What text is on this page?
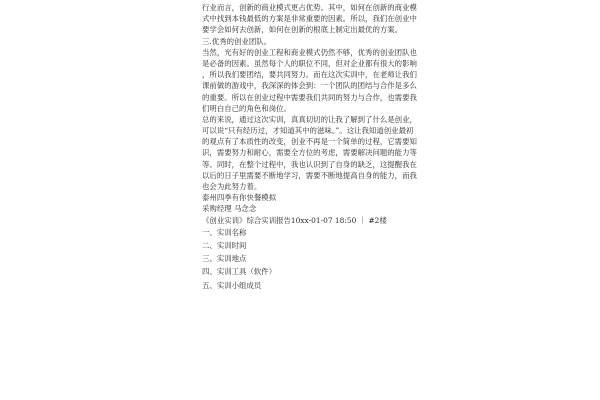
行业而言，创新的商业模式更占优势。其中，如何在创新的商业模
式中找到本钱最低的方案是非常重要的因素。所以，我们在创业中
要学会如何去创新，如何在创新的根底上制定出最优的方案。
三.优秀的创业团队。
当然，光有好的创业工程和商业模式仍然不够，优秀的创业团队也
是必备的因素。虽然每个人的职位不同，但对企业都有很大的影响
，所以我们要团结，要共同努力。而在这次实训中，在老师让我们
课前做的游戏中，我深深的体会到：一个团队的团结与合作是多么
的重要。所以在创业过程中需要我们共同的努力与合作，也需要我
们明白自己的角色和岗位。
总的来说，通过这次实训，真真切切的让我了解到了什么是创业，
可以说“只有经历过，才知道其中的滋味。”。这让我知道创业最初
的观点有了本质性的改变，创业不再是一个简单的过程，它需要知
识，需要努力和耐心，需要全方位的考虑，需要解决问题的能力等
等。同时，在整个过程中，我也认识到了自身的缺乏，这提醒我在
以后的日子里需要不断地学习，需要不断地提高自身的能力，而我
也会为此努力着。
泰州四季有你快餐模拟
采购经理 马念念
《创业实训》综合实训报告10xx-01-07 18:50 ｜ #2楼
一、实训名称
二、实训时间
三、实训地点
四、实训工具（软件）
五、实训小组成员
